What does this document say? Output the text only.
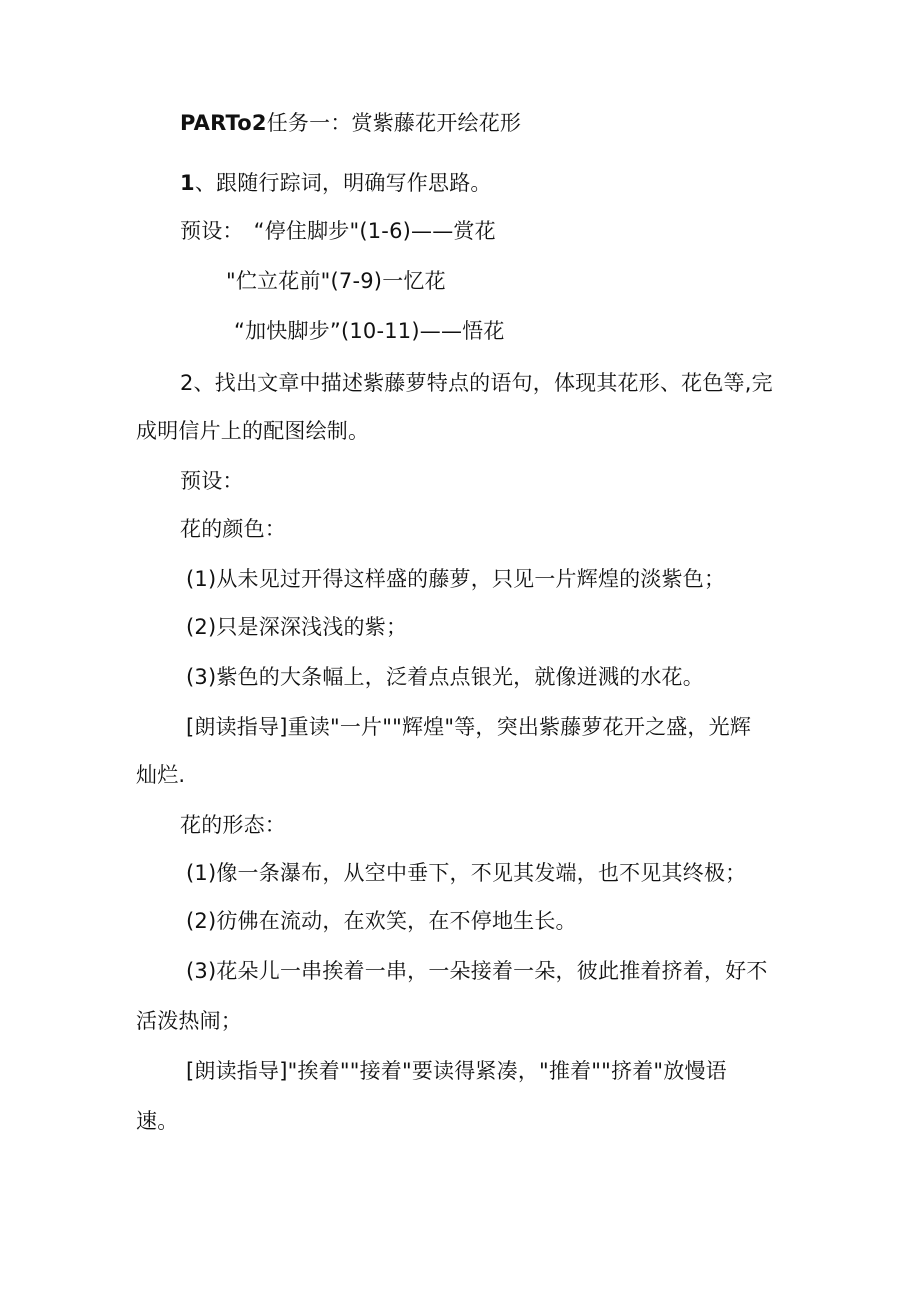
PARTo2任务一：赏紫藤花开绘花形
1、跟随行踪词，明确写作思路。
预设： “停住脚步"(1-6)——赏花
"伫立花前"(7-9)一忆花
“加快脚步”(10-11)——悟花
2、找出文章中描述紫藤萝特点的语句，体现其花形、花色等,完
成明信片上的配图绘制。
预设：
花的颜色：
(1)从未见过开得这样盛的藤萝，只见一片辉煌的淡紫色；
(2)只是深深浅浅的紫；
(3)紫色的大条幅上，泛着点点银光，就像迸溅的水花。
[朗读指导]重读"一片""辉煌"等，突出紫藤萝花开之盛，光辉
灿烂.
花的形态：
(1)像一条瀑布，从空中垂下，不见其发端，也不见其终极；
(2)彷佛在流动，在欢笑，在不停地生长。
(3)花朵儿一串挨着一串，一朵接着一朵，彼此推着挤着，好不
活泼热闹；
[朗读指导]"挨着""接着"要读得紧凑，"推着""挤着"放慢语
速。
